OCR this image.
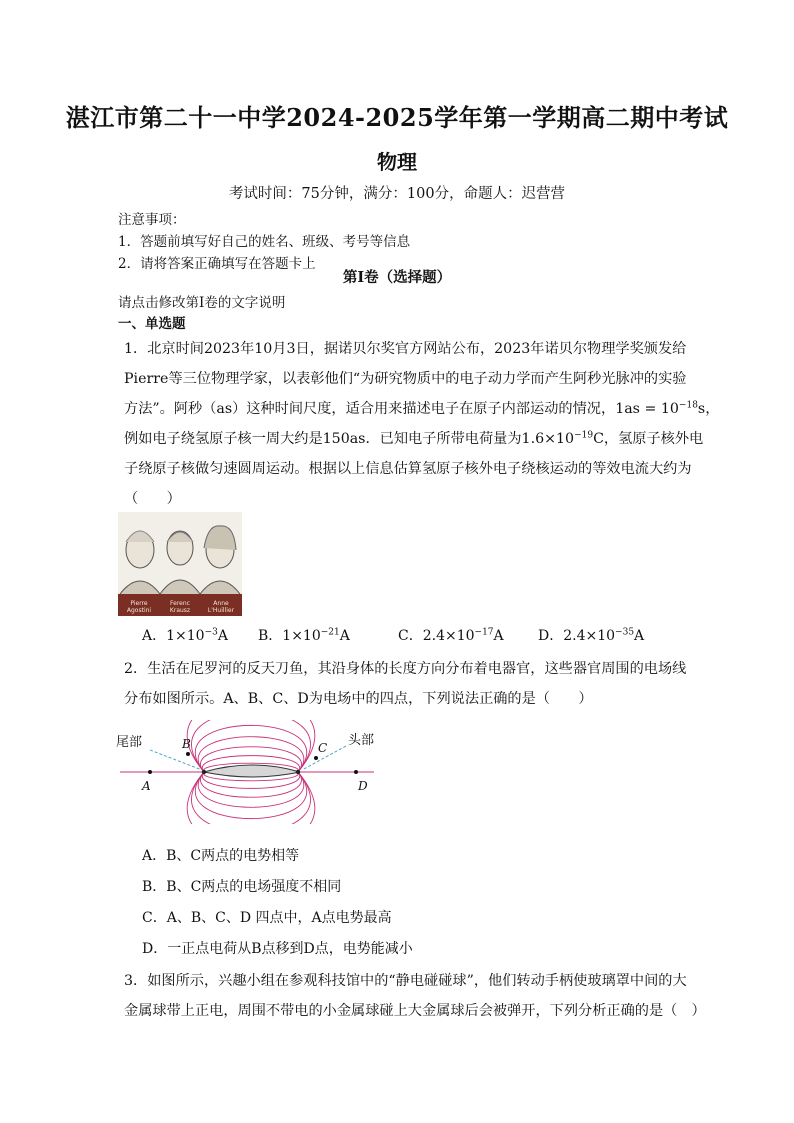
湛江市第二十一中学2024-2025学年第一学期高二期中考试
物理
考试时间：75分钟，满分：100分，命题人：迟营营
注意事项：
1．答题前填写好自己的姓名、班级、考号等信息
2．请将答案正确填写在答题卡上
第Ⅰ卷（选择题）
请点击修改第Ⅰ卷的文字说明
一、单选题
1．北京时间2023年10月3日，据诺贝尔奖官方网站公布，2023年诺贝尔物理学奖颁发给
Pierre等三位物理学家，以表彰他们“为研究物质中的电子动力学而产生阿秒光脉冲的实验
方法”。阿秒（as）这种时间尺度，适合用来描述电子在原子内部运动的情况，$1as = 10^{-18}s$，
例如电子绕氢原子核一周大约是150as．已知电子所带电荷量为$1.6\times 10^{-19}C$，氢原子核外电
子绕原子核做匀速圆周运动。根据以上信息估算氢原子核外电子绕核运动的等效电流大约为
（　　）
Pierre Agostini
Ferenc Krausz
Anne L'Huillier
A．$1\times 10^{-3}A$ B．$1\times 10^{-21}A$	C．$2.4\times 10^{-17}A$ D．$2.4\times 10^{-35}A$
2．生活在尼罗河的反天刀鱼，其沿身体的长度方向分布着电器官，这些器官周围的电场线
分布如图所示。A、B、C、D为电场中的四点，下列说法正确的是（　　）
尾部	头部
A
B	C
D
A．B、C两点的电势相等
B．B、C两点的电场强度不相同
C．A、B、C、D 四点中，A点电势最高
D．一正点电荷从B点移到D点，电势能减小
3．如图所示，兴趣小组在参观科技馆中的“静电碰碰球”，他们转动手柄使玻璃罩中间的大
金属球带上正电，周围不带电的小金属球碰上大金属球后会被弹开，下列分析正确的是（　）
